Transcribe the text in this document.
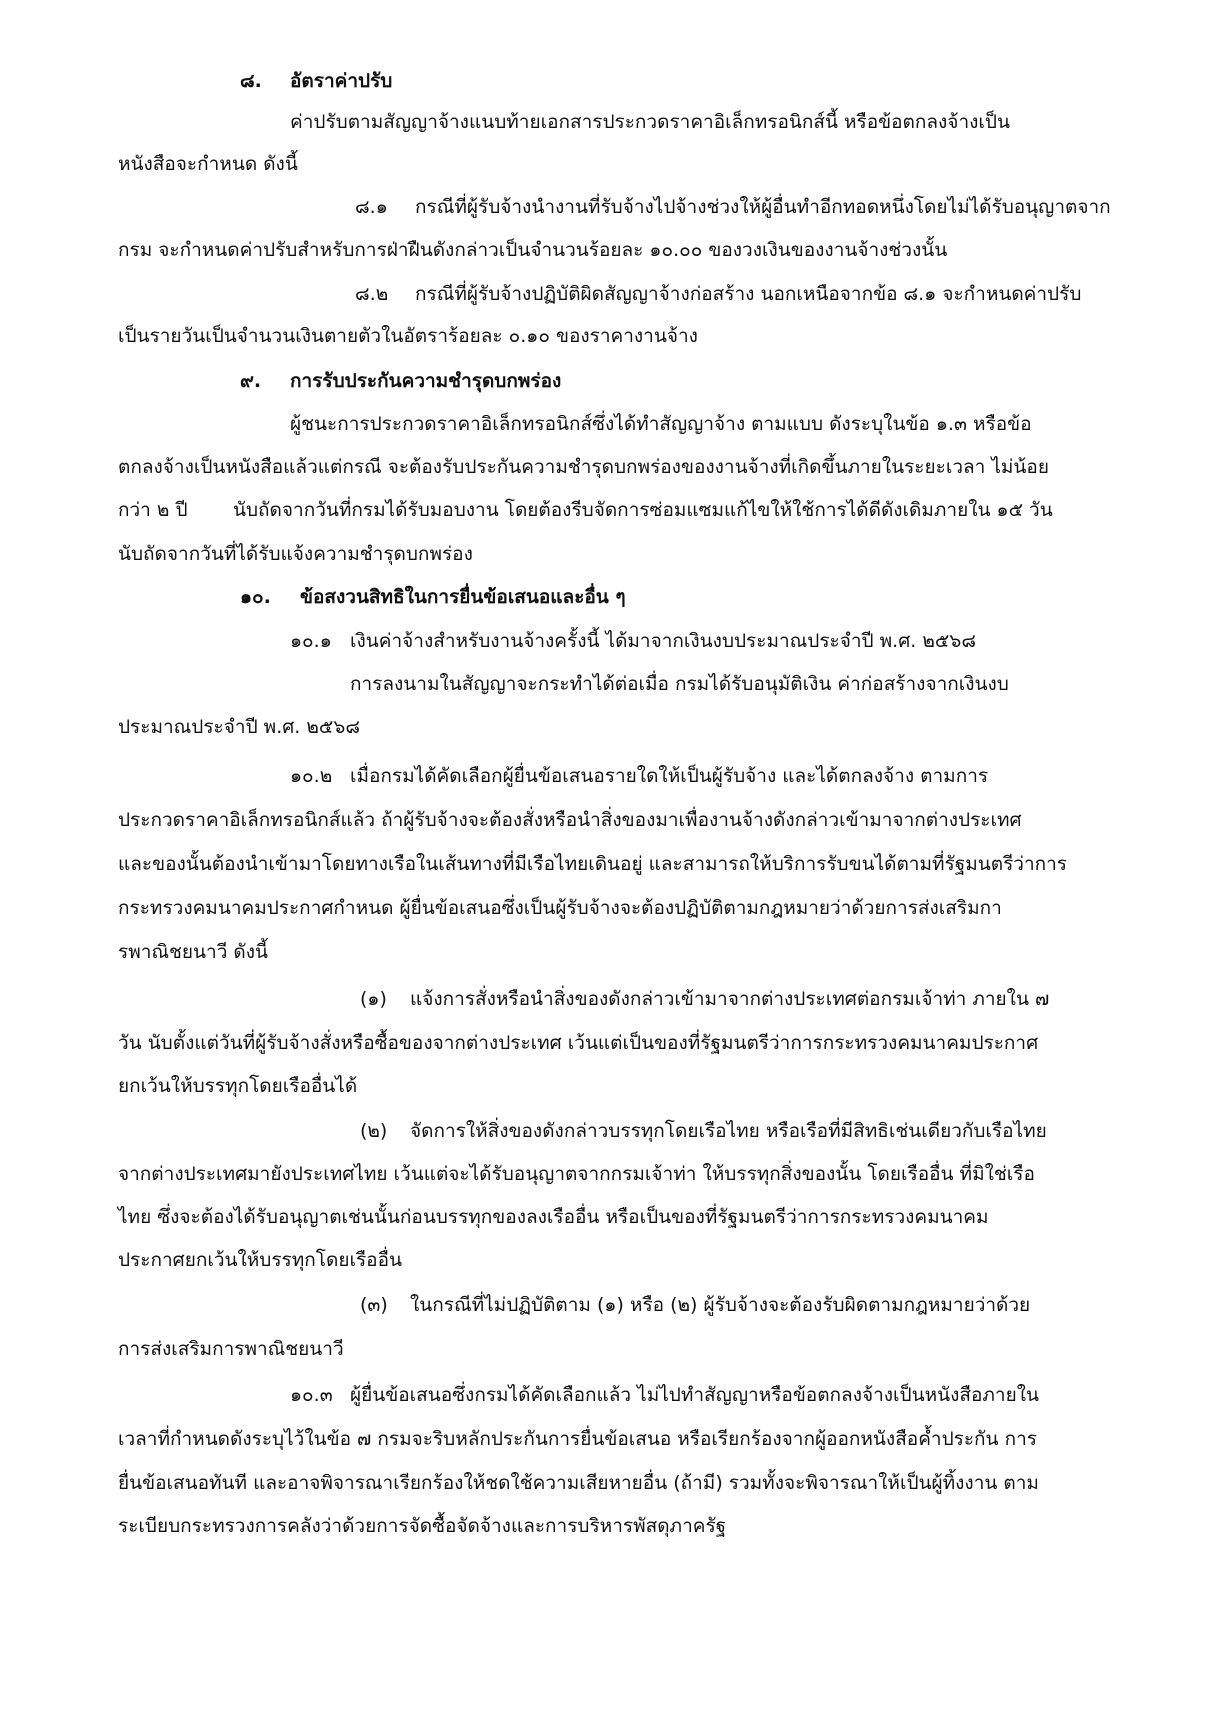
๘. อัตราค่าปรับ
ค่าปรับตามสัญญาจ้างแนบท้ายเอกสารประกวดราคาอิเล็กทรอนิกส์นี้ หรือข้อตกลงจ้างเป็น
หนังสือจะกำหนด ดังนี้
๘.๑ กรณีที่ผู้รับจ้างนำงานที่รับจ้างไปจ้างช่วงให้ผู้อื่นทำอีกทอดหนึ่งโดยไม่ได้รับอนุญาตจาก
กรม จะกำหนดค่าปรับสำหรับการฝ่าฝืนดังกล่าวเป็นจำนวนร้อยละ ๑๐.๐๐ ของวงเงินของงานจ้างช่วงนั้น
๘.๒ กรณีที่ผู้รับจ้างปฏิบัติผิดสัญญาจ้างก่อสร้าง นอกเหนือจากข้อ ๘.๑ จะกำหนดค่าปรับ
เป็นรายวันเป็นจำนวนเงินตายตัวในอัตราร้อยละ ๐.๑๐ ของราคางานจ้าง
๙. การรับประกันความชำรุดบกพร่อง
ผู้ชนะการประกวดราคาอิเล็กทรอนิกส์ซึ่งได้ทำสัญญาจ้าง ตามแบบ ดังระบุในข้อ ๑.๓ หรือข้อ
ตกลงจ้างเป็นหนังสือแล้วแต่กรณี จะต้องรับประกันความชำรุดบกพร่องของงานจ้างที่เกิดขึ้นภายในระยะเวลา ไม่น้อย
กว่า ๒ ปี นับถัดจากวันที่กรมได้รับมอบงาน โดยต้องรีบจัดการซ่อมแซมแก้ไขให้ใช้การได้ดีดังเดิมภายใน ๑๕ วัน
นับถัดจากวันที่ได้รับแจ้งความชำรุดบกพร่อง
๑๐. ข้อสงวนสิทธิในการยื่นข้อเสนอและอื่น ๆ
๑๐.๑ เงินค่าจ้างสำหรับงานจ้างครั้งนี้ ได้มาจากเงินงบประมาณประจำปี พ.ศ. ๒๕๖๘
การลงนามในสัญญาจะกระทำได้ต่อเมื่อ กรมได้รับอนุมัติเงิน ค่าก่อสร้างจากเงินงบ
ประมาณประจำปี พ.ศ. ๒๕๖๘
๑๐.๒ เมื่อกรมได้คัดเลือกผู้ยื่นข้อเสนอรายใดให้เป็นผู้รับจ้าง และได้ตกลงจ้าง ตามการ
ประกวดราคาอิเล็กทรอนิกส์แล้ว ถ้าผู้รับจ้างจะต้องสั่งหรือนำสิ่งของมาเพื่องานจ้างดังกล่าวเข้ามาจากต่างประเทศ
และของนั้นต้องนำเข้ามาโดยทางเรือในเส้นทางที่มีเรือไทยเดินอยู่ และสามารถให้บริการรับขนได้ตามที่รัฐมนตรีว่าการ
กระทรวงคมนาคมประกาศกำหนด ผู้ยื่นข้อเสนอซึ่งเป็นผู้รับจ้างจะต้องปฏิบัติตามกฎหมายว่าด้วยการส่งเสริมกา
รพาณิชยนาวี ดังนี้
(๑) แจ้งการสั่งหรือนำสิ่งของดังกล่าวเข้ามาจากต่างประเทศต่อกรมเจ้าท่า ภายใน ๗
วัน นับตั้งแต่วันที่ผู้รับจ้างสั่งหรือซื้อของจากต่างประเทศ เว้นแต่เป็นของที่รัฐมนตรีว่าการกระทรวงคมนาคมประกาศ
ยกเว้นให้บรรทุกโดยเรืออื่นได้
(๒) จัดการให้สิ่งของดังกล่าวบรรทุกโดยเรือไทย หรือเรือที่มีสิทธิเช่นเดียวกับเรือไทย
จากต่างประเทศมายังประเทศไทย เว้นแต่จะได้รับอนุญาตจากกรมเจ้าท่า ให้บรรทุกสิ่งของนั้น โดยเรืออื่น ที่มิใช่เรือ
ไทย ซึ่งจะต้องได้รับอนุญาตเช่นนั้นก่อนบรรทุกของลงเรืออื่น หรือเป็นของที่รัฐมนตรีว่าการกระทรวงคมนาคม
ประกาศยกเว้นให้บรรทุกโดยเรืออื่น
(๓) ในกรณีที่ไม่ปฏิบัติตาม (๑) หรือ (๒) ผู้รับจ้างจะต้องรับผิดตามกฎหมายว่าด้วย
การส่งเสริมการพาณิชยนาวี
๑๐.๓ ผู้ยื่นข้อเสนอซึ่งกรมได้คัดเลือกแล้ว ไม่ไปทำสัญญาหรือข้อตกลงจ้างเป็นหนังสือภายใน
เวลาที่กำหนดดังระบุไว้ในข้อ ๗ กรมจะริบหลักประกันการยื่นข้อเสนอ หรือเรียกร้องจากผู้ออกหนังสือค้ำประกัน การ
ยื่นข้อเสนอทันที และอาจพิจารณาเรียกร้องให้ชดใช้ความเสียหายอื่น (ถ้ามี) รวมทั้งจะพิจารณาให้เป็นผู้ทิ้งงาน ตาม
ระเบียบกระทรวงการคลังว่าด้วยการจัดซื้อจัดจ้างและการบริหารพัสดุภาครัฐ
